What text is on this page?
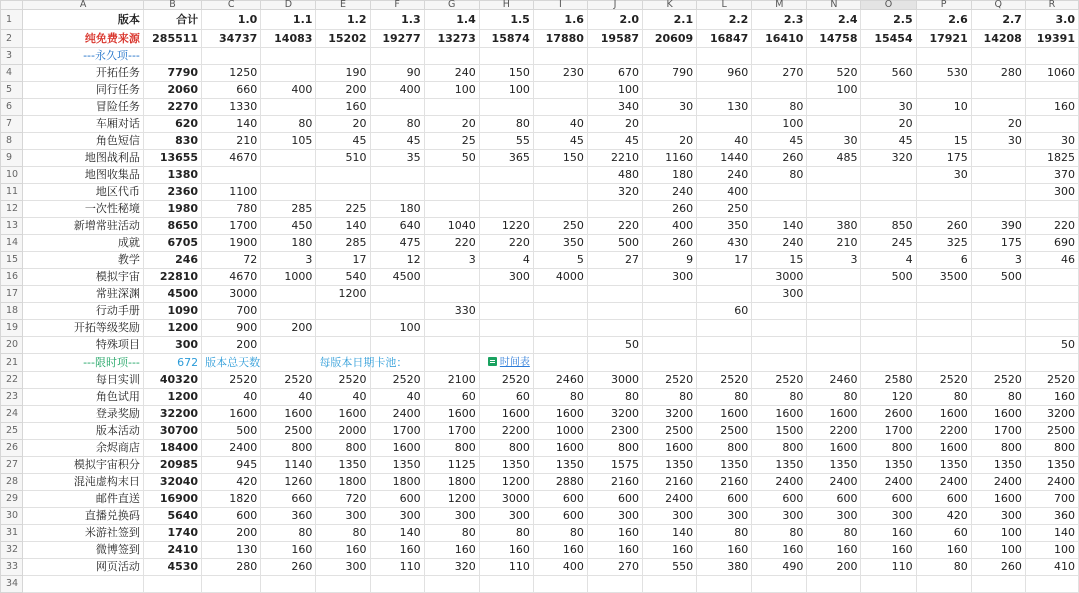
	A	B	C	D	E	F	G	H	I	J	K	L	M	N	O	P	Q	R
1	版本	合计	1.0	1.1	1.2	1.3	1.4	1.5	1.6	2.0	2.1	2.2	2.3	2.4	2.5	2.6	2.7	3.0
2	纯免费来源	285511	34737	14083	15202	19277	13273	15874	17880	19587	20609	16847	16410	14758	15454	17921	14208	19391
3	---永久项---																	
4	开拓任务	7790	1250		190	90	240	150	230	670	790	960	270	520	560	530	280	1060
5	同行任务	2060	660	400	200	400	100	100		100				100				
6	冒险任务	2270	1330		160					340	30	130	80		30	10		160
7	车厢对话	620	140	80	20	80	20	80	40	20			100		20		20	
8	角色短信	830	210	105	45	45	25	55	45	45	20	40	45	30	45	15	30	30
9	地图战利品	13655	4670		510	35	50	365	150	2210	1160	1440	260	485	320	175		1825
10	地图收集品	1380								480	180	240	80			30		370
11	地区代币	2360	1100							320	240	400						300
12	一次性秘境	1980	780	285	225	180					260	250						
13	新增常驻活动	8650	1700	450	140	640	1040	1220	250	220	400	350	140	380	850	260	390	220
14	成就	6705	1900	180	285	475	220	220	350	500	260	430	240	210	245	325	175	690
15	教学	246	72	3	17	12	3	4	5	27	9	17	15	3	4	6	3	46
16	模拟宇宙	22810	4670	1000	540	4500		300	4000		300		3000		500	3500	500	
17	常驻深渊	4500	3000		1200								300					
18	行动手册	1090	700				330					60						
19	开拓等级奖励	1200	900	200		100												
20	特殊项目	300	200							50								50
21	---限时项---	672	版本总天数		每版本日期卡池：			时间表										
22	每日实训	40320	2520	2520	2520	2520	2100	2520	2460	3000	2520	2520	2520	2460	2580	2520	2520	2520
23	角色试用	1200	40	40	40	40	60	60	80	80	80	80	80	80	120	80	80	160
24	登录奖励	32200	1600	1600	1600	2400	1600	1600	1600	3200	3200	1600	1600	1600	2600	1600	1600	3200
25	版本活动	30700	500	2500	2000	1700	1700	2200	1000	2300	2500	2500	1500	2200	1700	2200	1700	2500
26	余烬商店	18400	2400	800	800	1600	800	800	1600	800	1600	800	800	1600	800	1600	800	800
27	模拟宇宙积分	20985	945	1140	1350	1350	1125	1350	1350	1575	1350	1350	1350	1350	1350	1350	1350	1350
28	混沌虚构末日	32040	420	1260	1800	1800	1800	1200	2880	2160	2160	2160	2400	2400	2400	2400	2400	2400
29	邮件直送	16900	1820	660	720	600	1200	3000	600	600	2400	600	600	600	600	600	1600	700
30	直播兑换码	5640	600	360	300	300	300	300	600	300	300	300	300	300	300	420	300	360
31	米游社签到	1740	200	80	80	140	80	80	80	160	140	80	80	80	160	60	100	140
32	微博签到	2410	130	160	160	160	160	160	160	160	160	160	160	160	160	160	100	100
33	网页活动	4530	280	260	300	110	320	110	400	270	550	380	490	200	110	80	260	410
34																		
